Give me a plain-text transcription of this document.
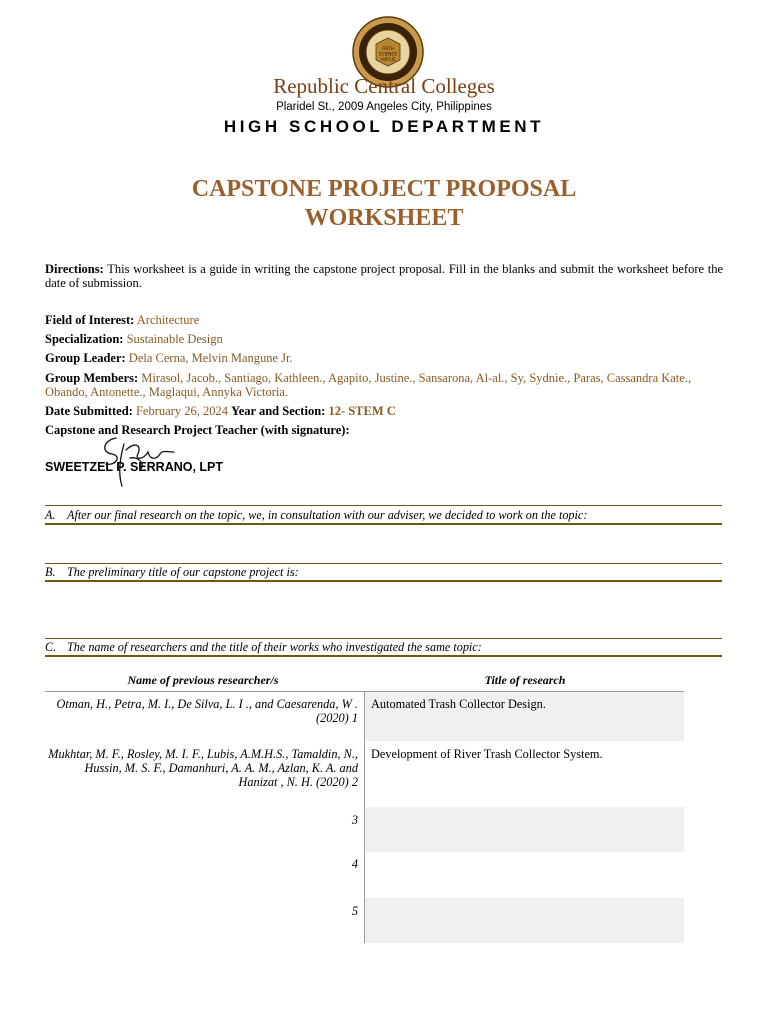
FAITH
SCIENCE
VIRTUE
Republic Central Colleges
Plaridel St., 2009 Angeles City, Philippines
HIGH SCHOOL DEPARTMENT
CAPSTONE PROJECT PROPOSAL
WORKSHEET
Directions: This worksheet is a guide in writing the capstone project proposal. Fill in the blanks and submit the worksheet before the date of submission.
Field of Interest: Architecture
Specialization: Sustainable Design
Group Leader: Dela Cerna, Melvin Mangune Jr.
Group Members: Mirasol, Jacob., Santiago, Kathleen., Agapito, Justine., Sansarona, Al-al., Sy, Sydnie., Paras, Cassandra Kate., Obando, Antonette., Maglaqui, Annyka Victoria.
Date Submitted: February 26, 2024 Year and Section: 12- STEM C
Capstone and Research Project Teacher (with signature):
SWEETZEL P. SERRANO, LPT
A. After our final research on the topic, we, in consultation with our adviser, we decided to work on the topic:
B. The preliminary title of our capstone project is:
C. The name of researchers and the title of their works who investigated the same topic:
Name of previous researcher/s	Title of research
Otman, H., Petra, M. I., De Silva, L. I ., and Caesarenda, W . (2020) 1
Automated Trash Collector Design.
Mukhtar, M. F., Rosley, M. I. F., Lubis, A.M.H.S., Tamaldin, N., Hussin, M. S. F., Damanhuri, A. A. M., Azlan, K. A. and Hanizat , N. H. (2020) 2
Development of River Trash Collector System.
3
4
5
